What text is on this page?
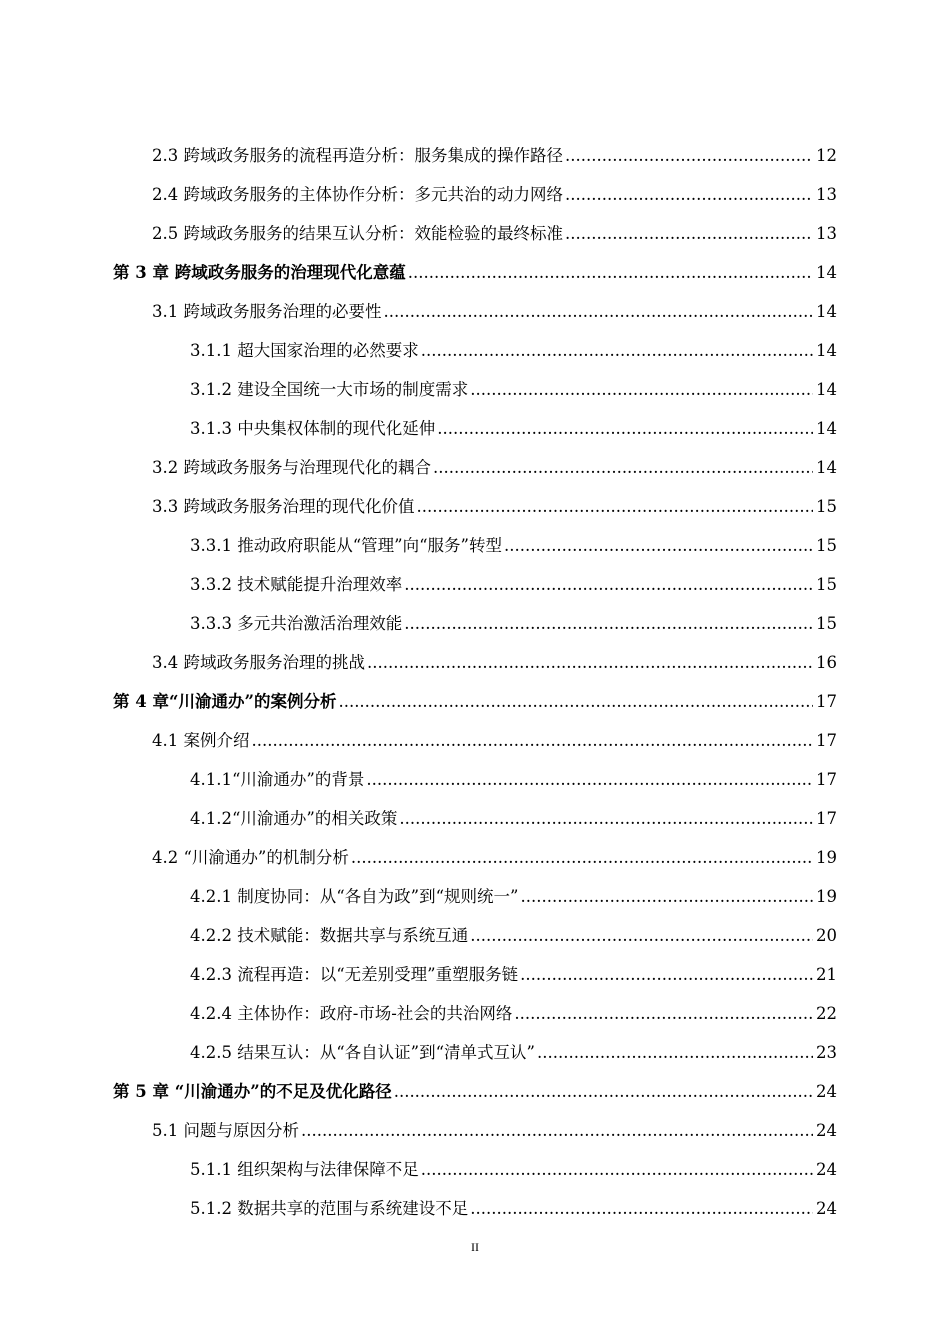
2.3 跨域政务服务的流程再造分析：服务集成的操作路径 .....	12
2.4 跨域政务服务的主体协作分析：多元共治的动力网络 .....	13
2.5 跨域政务服务的结果互认分析：效能检验的最终标准 .....	13
第 3 章 跨域政务服务的治理现代化意蕴 .....	14
3.1 跨域政务服务治理的必要性 .....	14
3.1.1 超大国家治理的必然要求 .....	14
3.1.2 建设全国统一大市场的制度需求 .....	14
3.1.3 中央集权体制的现代化延伸 .....	14
3.2 跨域政务服务与治理现代化的耦合 .....	14
3.3 跨域政务服务治理的现代化价值 .....	15
3.3.1 推动政府职能从“管理”向“服务”转型 .....	15
3.3.2 技术赋能提升治理效率 .....	15
3.3.3 多元共治激活治理效能 .....	15
3.4 跨域政务服务治理的挑战 .....	16
第 4 章“川渝通办”的案例分析 .....	17
4.1 案例介绍 .....	17
4.1.1“川渝通办”的背景 .....	17
4.1.2“川渝通办”的相关政策 .....	17
4.2 “川渝通办”的机制分析 .....	19
4.2.1 制度协同：从“各自为政”到“规则统一” .....	19
4.2.2 技术赋能：数据共享与系统互通 .....	20
4.2.3 流程再造：以“无差别受理”重塑服务链 .....	21
4.2.4 主体协作：政府-市场-社会的共治网络 .....	22
4.2.5 结果互认：从“各自认证”到“清单式互认” .....	23
第 5 章 “川渝通办”的不足及优化路径 .....	24
5.1 问题与原因分析 .....	24
5.1.1 组织架构与法律保障不足 .....	24
5.1.2 数据共享的范围与系统建设不足 .....	24
II
